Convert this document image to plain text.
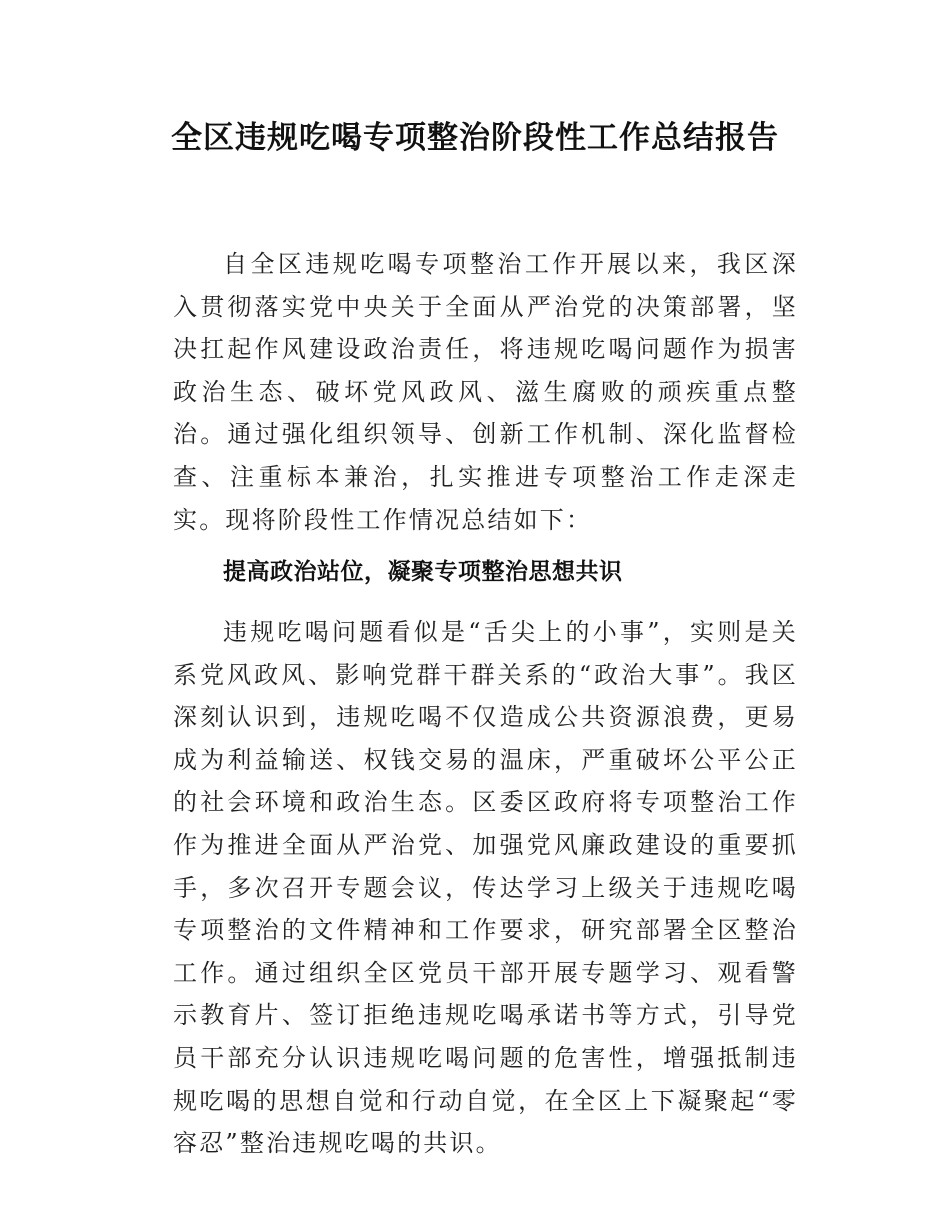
全区违规吃喝专项整治阶段性工作总结报告

自全区违规吃喝专项整治工作开展以来，我区深入贯彻落实党中央关于全面从严治党的决策部署，坚决扛起作风建设政治责任，将违规吃喝问题作为损害政治生态、破坏党风政风、滋生腐败的顽疾重点整治。通过强化组织领导、创新工作机制、深化监督检查、注重标本兼治，扎实推进专项整治工作走深走实。现将阶段性工作情况总结如下：

提高政治站位，凝聚专项整治思想共识

违规吃喝问题看似是“舌尖上的小事”，实则是关系党风政风、影响党群干群关系的“政治大事”。我区深刻认识到，违规吃喝不仅造成公共资源浪费，更易成为利益输送、权钱交易的温床，严重破坏公平公正的社会环境和政治生态。区委区政府将专项整治工作作为推进全面从严治党、加强党风廉政建设的重要抓手，多次召开专题会议，传达学习上级关于违规吃喝专项整治的文件精神和工作要求，研究部署全区整治工作。通过组织全区党员干部开展专题学习、观看警示教育片、签订拒绝违规吃喝承诺书等方式，引导党员干部充分认识违规吃喝问题的危害性，增强抵制违规吃喝的思想自觉和行动自觉，在全区上下凝聚起“零容忍”整治违规吃喝的共识。
